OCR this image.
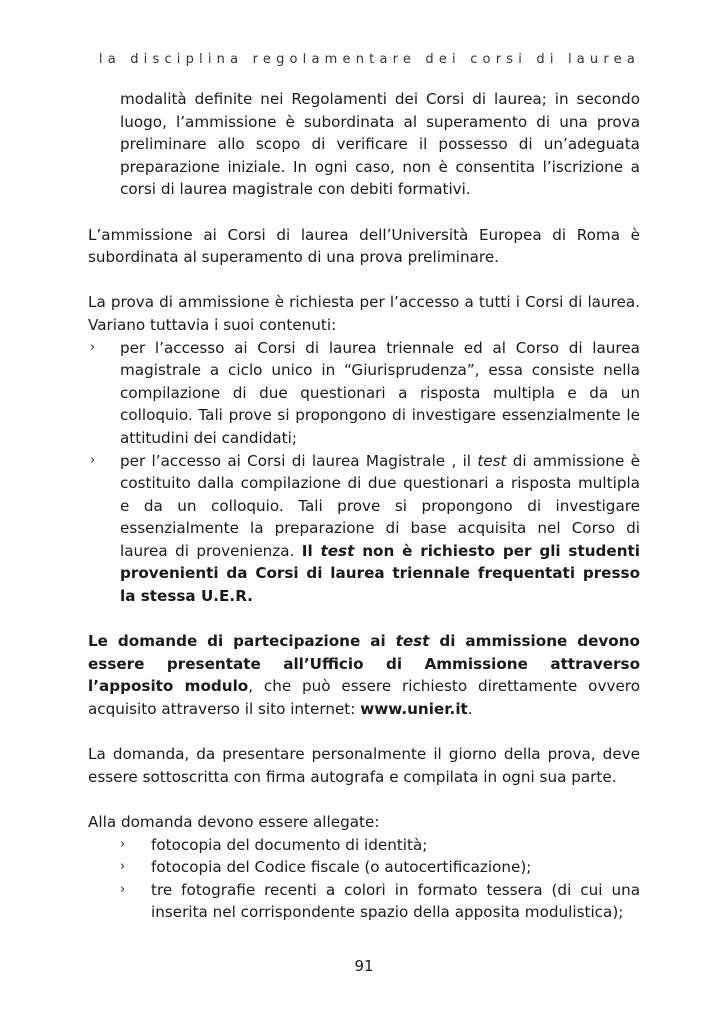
la disciplina regolamentare dei corsi di laurea

modalità definite nei Regolamenti dei Corsi di laurea; in secondo luogo, l’ammissione è subordinata al superamento di una prova preliminare allo scopo di verificare il possesso di un’adeguata preparazione iniziale. In ogni caso, non è consentita l’iscrizione a corsi di laurea magistrale con debiti formativi.

L’ammissione ai Corsi di laurea dell’Università Europea di Roma è subordinata al superamento di una prova preliminare.

La prova di ammissione è richiesta per l’accesso a tutti i Corsi di laurea. Variano tuttavia i suoi contenuti:

› per l’accesso ai Corsi di laurea triennale ed al Corso di laurea magistrale a ciclo unico in “Giurisprudenza”, essa consiste nella compilazione di due questionari a risposta multipla e da un colloquio. Tali prove si propongono di investigare essenzialmente le attitudini dei candidati;
› per l’accesso ai Corsi di laurea Magistrale , il test di ammissione è costituito dalla compilazione di due questionari a risposta multipla e da un colloquio. Tali prove si propongono di investigare essenzialmente la preparazione di base acquisita nel Corso di laurea di provenienza. Il test non è richiesto per gli studenti provenienti da Corsi di laurea triennale frequentati presso la stessa U.E.R.

Le domande di partecipazione ai test di ammissione devono essere presentate all’Ufficio di Ammissione attraverso l’apposito modulo, che può essere richiesto direttamente ovvero acquisito attraverso il sito internet: www.unier.it.

La domanda, da presentare personalmente il giorno della prova, deve essere sottoscritta con firma autografa e compilata in ogni sua parte.

Alla domanda devono essere allegate:

› fotocopia del documento di identità;
› fotocopia del Codice fiscale (o autocertificazione);
› tre fotografie recenti a colori in formato tessera (di cui una inserita nel corrispondente spazio della apposita modulistica);
91
